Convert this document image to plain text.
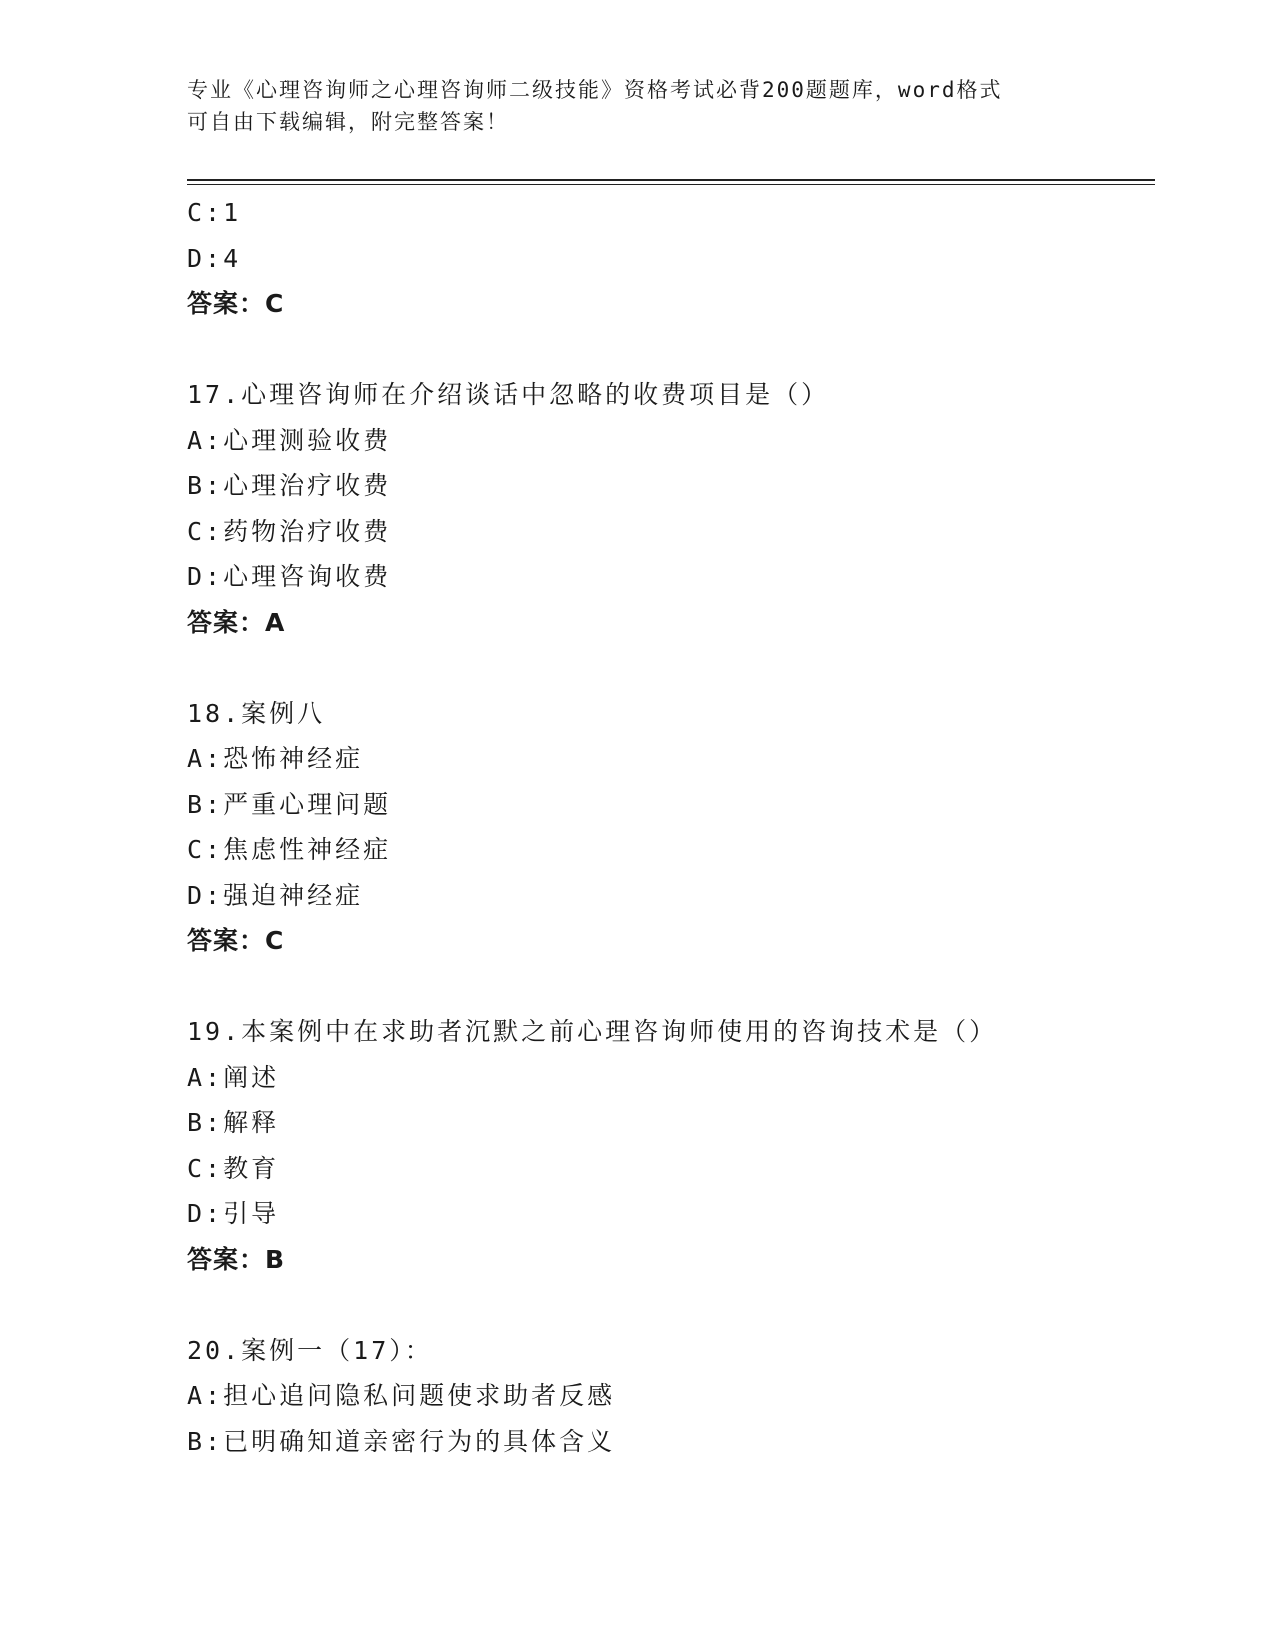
专业《心理咨询师之心理咨询师二级技能》资格考试必背200题题库，word格式
可自由下载编辑，附完整答案！
C:1
D:4
答案：C
17.心理咨询师在介绍谈话中忽略的收费项目是（）
A:心理测验收费
B:心理治疗收费
C:药物治疗收费
D:心理咨询收费
答案：A
18.案例八
A:恐怖神经症
B:严重心理问题
C:焦虑性神经症
D:强迫神经症
答案：C
19.本案例中在求助者沉默之前心理咨询师使用的咨询技术是（）
A:阐述
B:解释
C:教育
D:引导
答案：B
20.案例一（17）：
A:担心追问隐私问题使求助者反感
B:已明确知道亲密行为的具体含义
